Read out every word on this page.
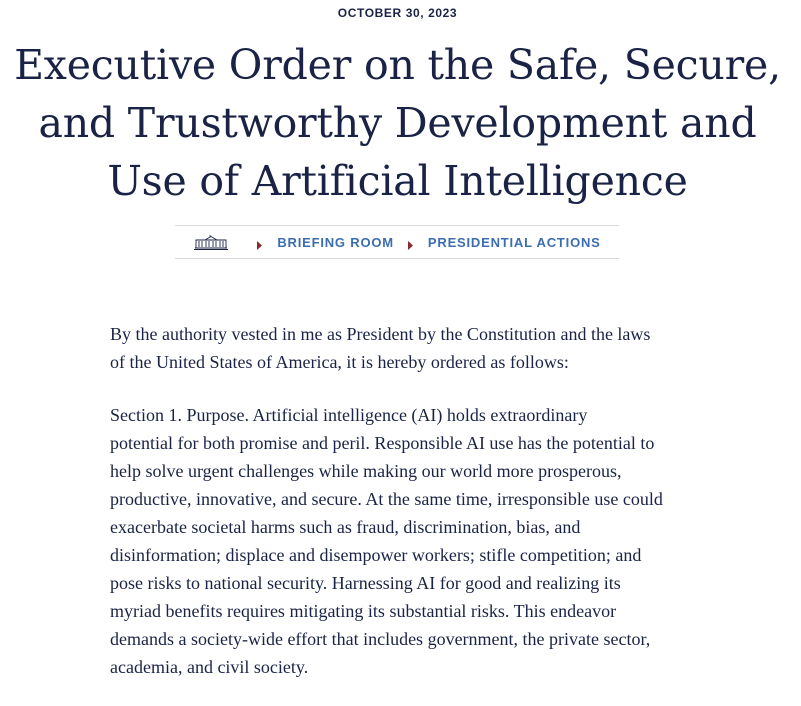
OCTOBER 30, 2023
Executive Order on the Safe, Secure,
and Trustworthy Development and
Use of Artificial Intelligence
BRIEFING ROOM	PRESIDENTIAL ACTIONS

By the authority vested in me as President by the Constitution and the laws
of the United States of America, it is hereby ordered as follows:

Section 1. Purpose. Artificial intelligence (AI) holds extraordinary
potential for both promise and peril. Responsible AI use has the potential to
help solve urgent challenges while making our world more prosperous,
productive, innovative, and secure. At the same time, irresponsible use could
exacerbate societal harms such as fraud, discrimination, bias, and
disinformation; displace and disempower workers; stifle competition; and
pose risks to national security. Harnessing AI for good and realizing its
myriad benefits requires mitigating its substantial risks. This endeavor
demands a society-wide effort that includes government, the private sector,
academia, and civil society.
